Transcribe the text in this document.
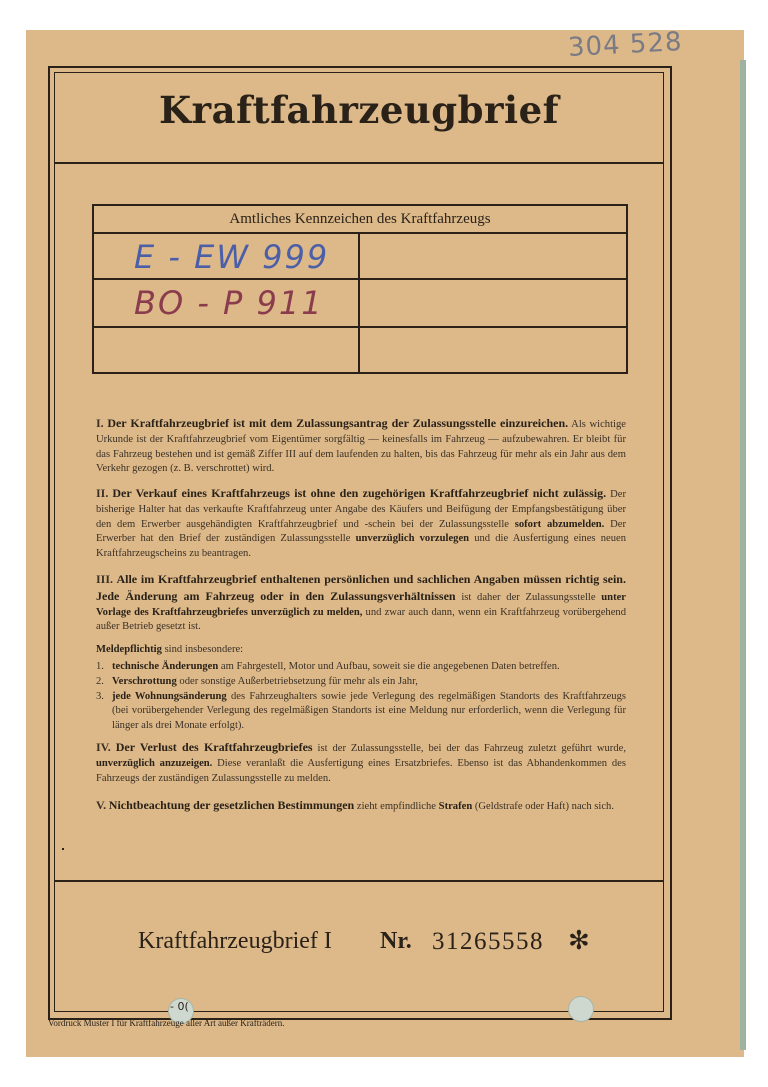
304 528
Kraftfahrzeugbrief
Amtliches Kennzeichen des Kraftfahrzeugs
E - EW 999
BO - P 911
I. Der Kraftfahrzeugbrief ist mit dem Zulassungsantrag der Zulassungsstelle einzureichen. Als wichtige Urkunde ist der Kraftfahrzeugbrief vom Eigentümer sorgfältig — keinesfalls im Fahrzeug — aufzubewahren. Er bleibt für das Fahrzeug bestehen und ist gemäß Ziffer III auf dem laufenden zu halten, bis das Fahrzeug für mehr als ein Jahr aus dem Verkehr gezogen (z. B. verschrottet) wird.
II. Der Verkauf eines Kraftfahrzeugs ist ohne den zugehörigen Kraftfahrzeugbrief nicht zulässig. Der bisherige Halter hat das verkaufte Kraftfahrzeug unter Angabe des Käufers und Beifügung der Empfangsbestätigung über den dem Erwerber ausgehändigten Kraftfahrzeugbrief und -schein bei der Zulassungsstelle sofort abzumelden. Der Erwerber hat den Brief der zuständigen Zulassungsstelle unverzüglich vorzulegen und die Ausfertigung eines neuen Kraftfahrzeugscheins zu beantragen.
III. Alle im Kraftfahrzeugbrief enthaltenen persönlichen und sachlichen Angaben müssen richtig sein. Jede Änderung am Fahrzeug oder in den Zulassungsverhältnissen ist daher der Zulassungsstelle unter Vorlage des Kraftfahrzeugbriefes unverzüglich zu melden, und zwar auch dann, wenn ein Kraftfahrzeug vorübergehend außer Betrieb gesetzt ist.
Meldepflichtig sind insbesondere:
1. technische Änderungen am Fahrgestell, Motor und Aufbau, soweit sie die angegebenen Daten betreffen.
2. Verschrottung oder sonstige Außerbetriebsetzung für mehr als ein Jahr,
3. jede Wohnungsänderung des Fahrzeughalters sowie jede Verlegung des regelmäßigen Standorts des Kraftfahrzeugs (bei vorübergehender Verlegung des regelmäßigen Standorts ist eine Meldung nur erforderlich, wenn die Verlegung für länger als drei Monate erfolgt).
IV. Der Verlust des Kraftfahrzeugbriefes ist der Zulassungsstelle, bei der das Fahrzeug zuletzt geführt wurde, unverzüglich anzuzeigen. Diese veranlaßt die Ausfertigung eines Ersatzbriefes. Ebenso ist das Abhandenkommen des Fahrzeugs der zuständigen Zulassungsstelle zu melden.
V. Nichtbeachtung der gesetzlichen Bestimmungen zieht empfindliche Strafen (Geldstrafe oder Haft) nach sich.
Kraftfahrzeugbrief I Nr. 31265558 ✻
- 0(
Vordruck Muster I für Kraftfahrzeuge aller Art außer Krafträdern.
